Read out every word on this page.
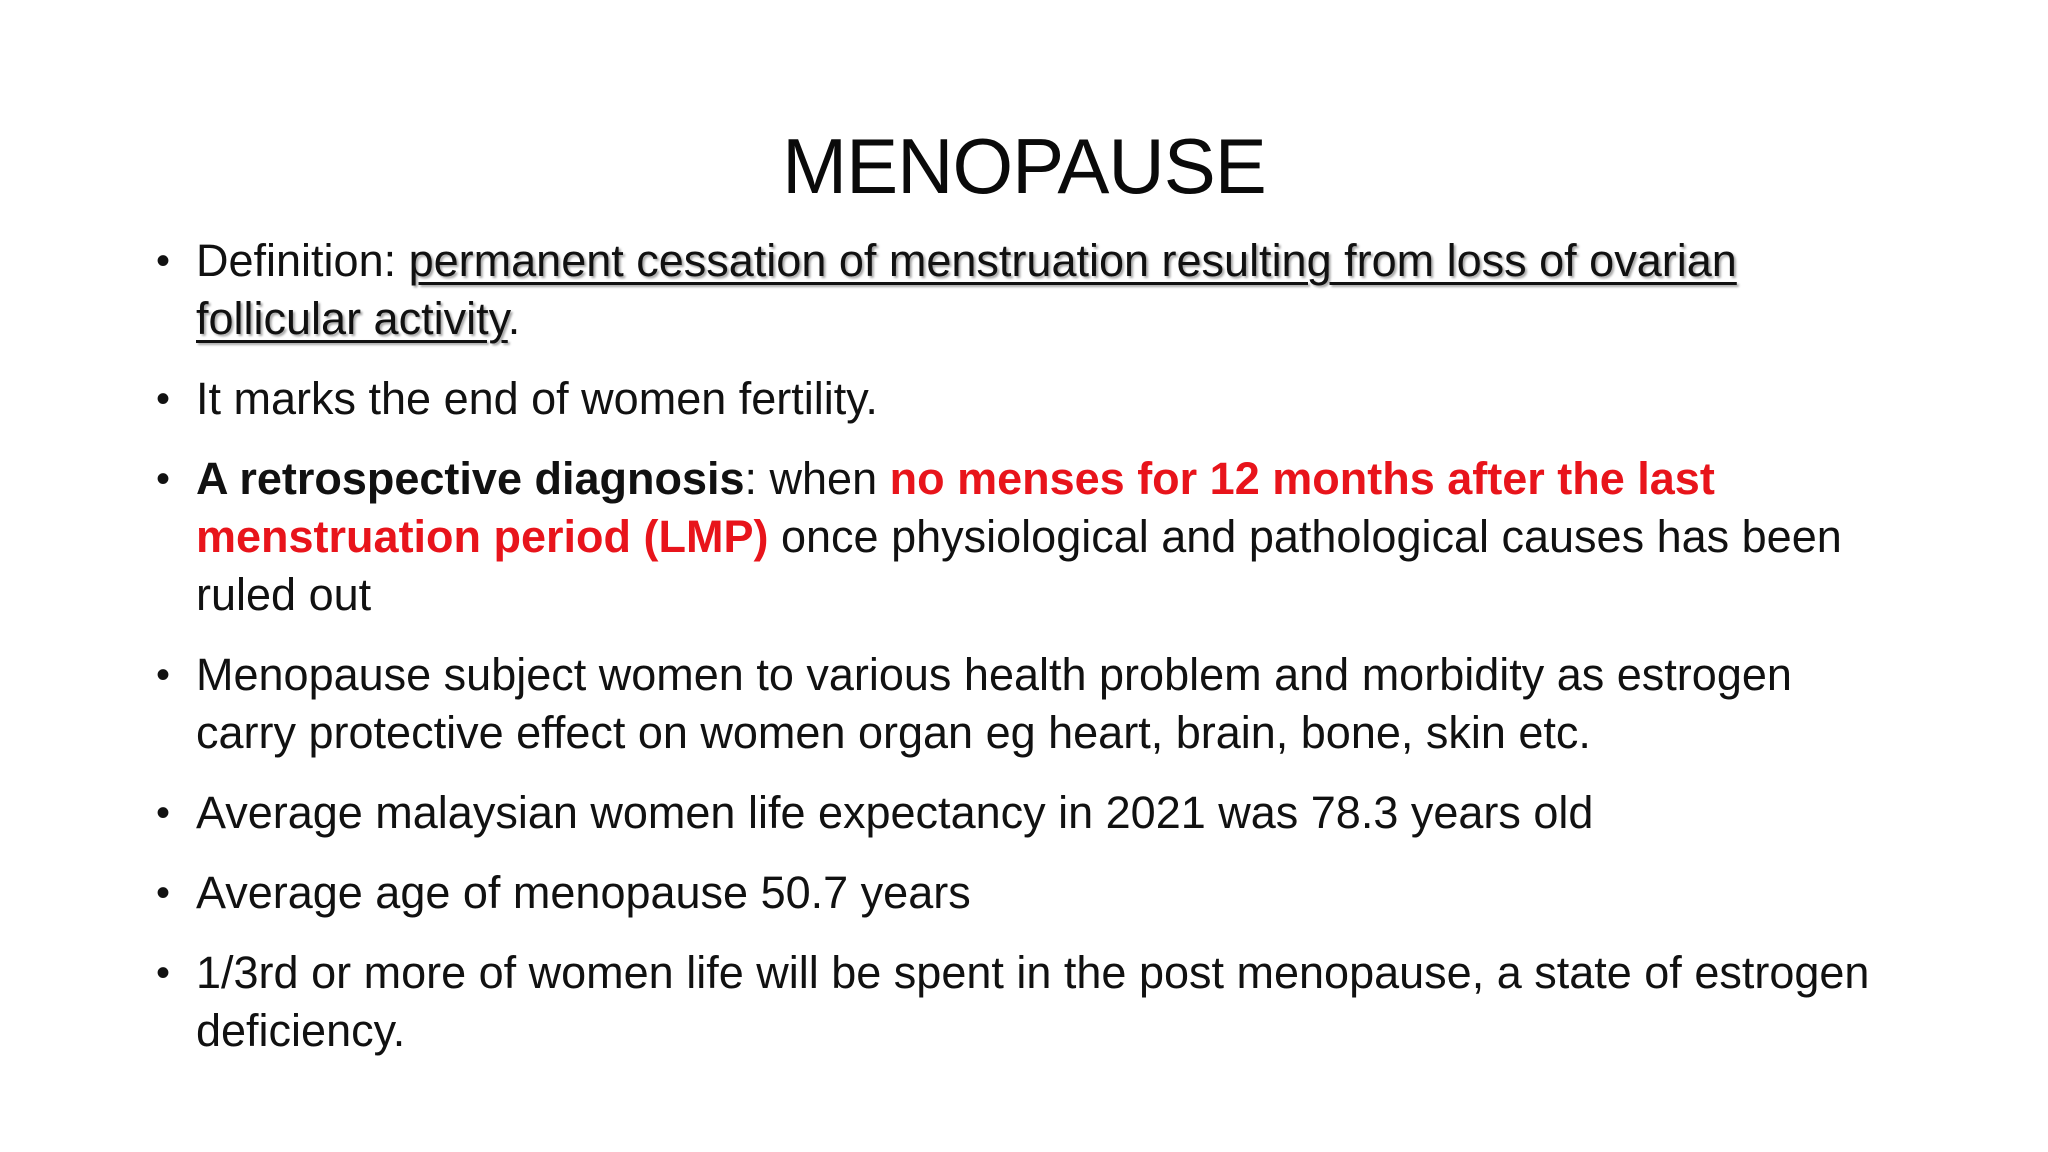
MENOPAUSE
• Definition: permanent cessation of menstruation resulting from loss of ovarian follicular activity.
• It marks the end of women fertility.
• A retrospective diagnosis: when no menses for 12 months after the last menstruation period (LMP) once physiological and pathological causes has been ruled out
• Menopause subject women to various health problem and morbidity as estrogen carry protective effect on women organ eg heart, brain, bone, skin etc.
• Average malaysian women life expectancy in 2021 was 78.3 years old
• Average age of menopause 50.7 years
• 1/3rd or more of women life will be spent in the post menopause, a state of estrogen deficiency.
